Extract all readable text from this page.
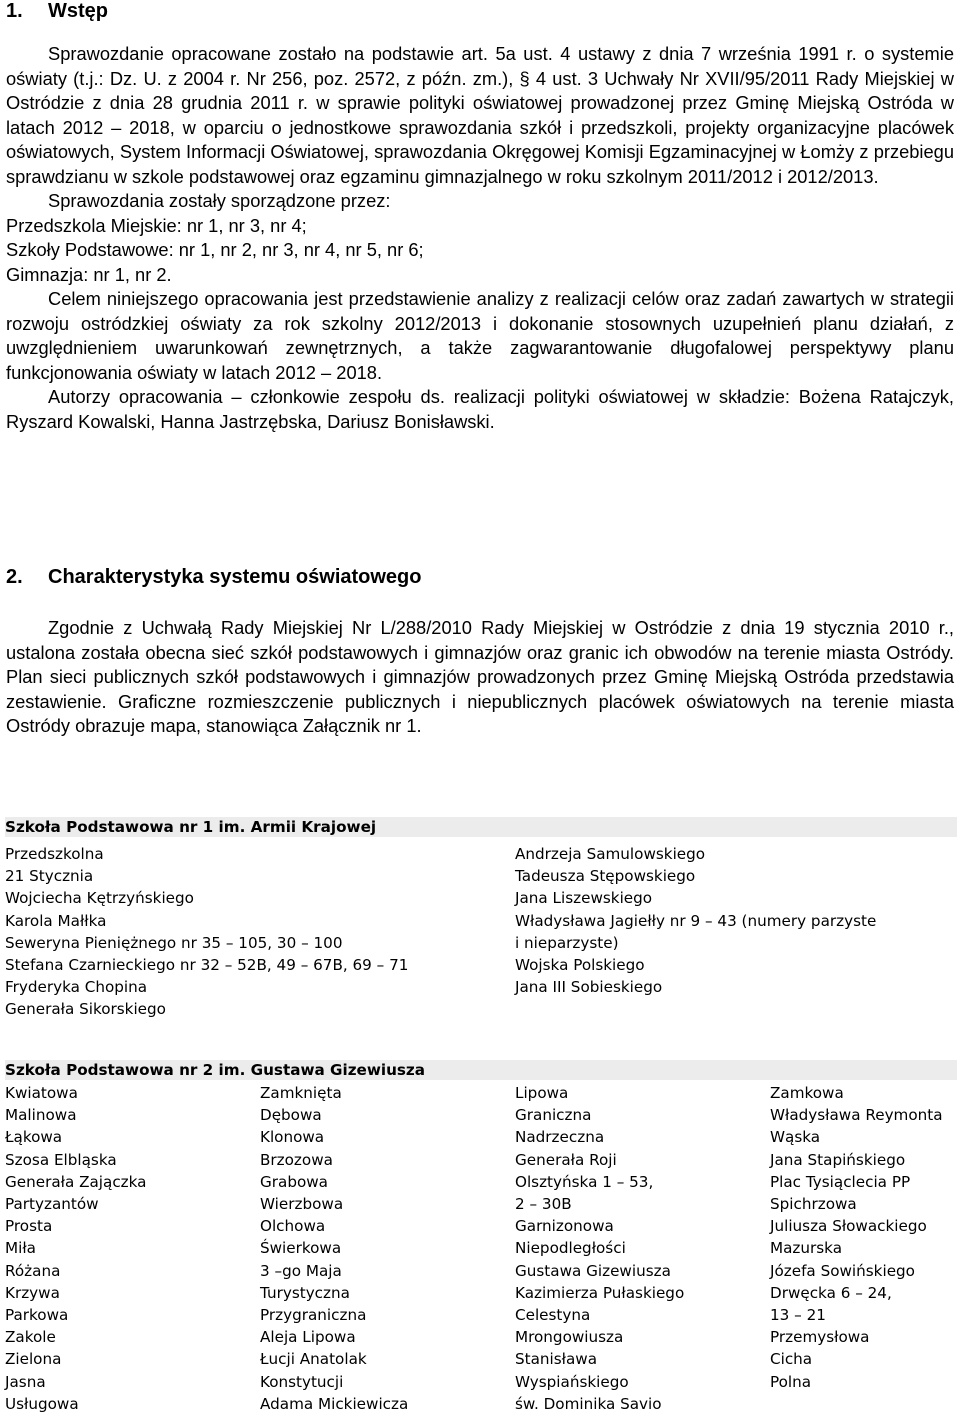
1. Wstęp

Sprawozdanie opracowane zostało na podstawie art. 5a ust. 4 ustawy z dnia 7 września 1991 r. o systemie oświaty (t.j.: Dz. U. z 2004 r. Nr 256, poz. 2572, z późn. zm.), § 4 ust. 3 Uchwały Nr XVII/95/2011 Rady Miejskiej w Ostródzie z dnia 28 grudnia 2011 r. w sprawie polityki oświatowej prowadzonej przez Gminę Miejską Ostróda w latach 2012 – 2018, w oparciu o jednostkowe sprawozdania szkół i przedszkoli, projekty organizacyjne placówek oświatowych, System Informacji Oświatowej, sprawozdania Okręgowej Komisji Egzaminacyjnej w Łomży z przebiegu sprawdzianu w szkole podstawowej oraz egzaminu gimnazjalnego w roku szkolnym 2011/2012 i 2012/2013.

Sprawozdania zostały sporządzone przez:

Przedszkola Miejskie: nr 1, nr 3, nr 4;

Szkoły Podstawowe: nr 1, nr 2, nr 3, nr 4, nr 5, nr 6;

Gimnazja: nr 1, nr 2.

Celem niniejszego opracowania jest przedstawienie analizy z realizacji celów oraz zadań zawartych w strategii rozwoju ostródzkiej oświaty za rok szkolny 2012/2013 i dokonanie stosownych uzupełnień planu działań, z uwzględnieniem uwarunkowań zewnętrznych, a także zagwarantowanie długofalowej perspektywy planu funkcjonowania oświaty w latach 2012 – 2018.

Autorzy opracowania – członkowie zespołu ds. realizacji polityki oświatowej w składzie: Bożena Ratajczyk, Ryszard Kowalski, Hanna Jastrzębska, Dariusz Bonisławski.

2. Charakterystyka systemu oświatowego

Zgodnie z Uchwałą Rady Miejskiej Nr L/288/2010 Rady Miejskiej w Ostródzie z dnia 19 stycznia 2010 r., ustalona została obecna sieć szkół podstawowych i gimnazjów oraz granic ich obwodów na terenie miasta Ostródy. Plan sieci publicznych szkół podstawowych i gimnazjów prowadzonych przez Gminę Miejską Ostróda przedstawia zestawienie. Graficzne rozmieszczenie publicznych i niepublicznych placówek oświatowych na terenie miasta Ostródy obrazuje mapa, stanowiąca Załącznik nr 1.

Szkoła Podstawowa nr 1 im. Armii Krajowej
Przedszkolna
21 Stycznia
Wojciecha Kętrzyńskiego
Karola Małłka
Seweryna Pieniężnego nr 35 – 105, 30 – 100
Stefana Czarnieckiego nr 32 – 52B, 49 – 67B, 69 – 71
Fryderyka Chopina
Generała Sikorskiego
Andrzeja Samulowskiego
Tadeusza Stępowskiego
Jana Liszewskiego
Władysława Jagiełły nr 9 – 43 (numery parzyste
i nieparzyste)
Wojska Polskiego
Jana III Sobieskiego
Szkoła Podstawowa nr 2 im. Gustawa Gizewiusza
Kwiatowa
Malinowa
Łąkowa
Szosa Elbląska
Generała Zajączka
Partyzantów
Prosta
Miła
Różana
Krzywa
Parkowa
Zakole
Zielona
Jasna
Usługowa
Zamknięta
Dębowa
Klonowa
Brzozowa
Grabowa
Wierzbowa
Olchowa
Świerkowa
3 –go Maja
Turystyczna
Przygraniczna
Aleja Lipowa
Łucji Anatolak
Konstytucji
Adama Mickiewicza
Lipowa
Graniczna
Nadrzeczna
Generała Roji
Olsztyńska 1 – 53,
2 – 30B
Garnizonowa
Niepodległości
Gustawa Gizewiusza
Kazimierza Pułaskiego
Celestyna
Mrongowiusza
Stanisława
Wyspiańskiego
św. Dominika Savio
Zamkowa
Władysława Reymonta
Wąska
Jana Stapińskiego
Plac Tysiąclecia PP
Spichrzowa
Juliusza Słowackiego
Mazurska
Józefa Sowińskiego
Drwęcka 6 – 24,
13 – 21
Przemysłowa
Cicha
Polna
